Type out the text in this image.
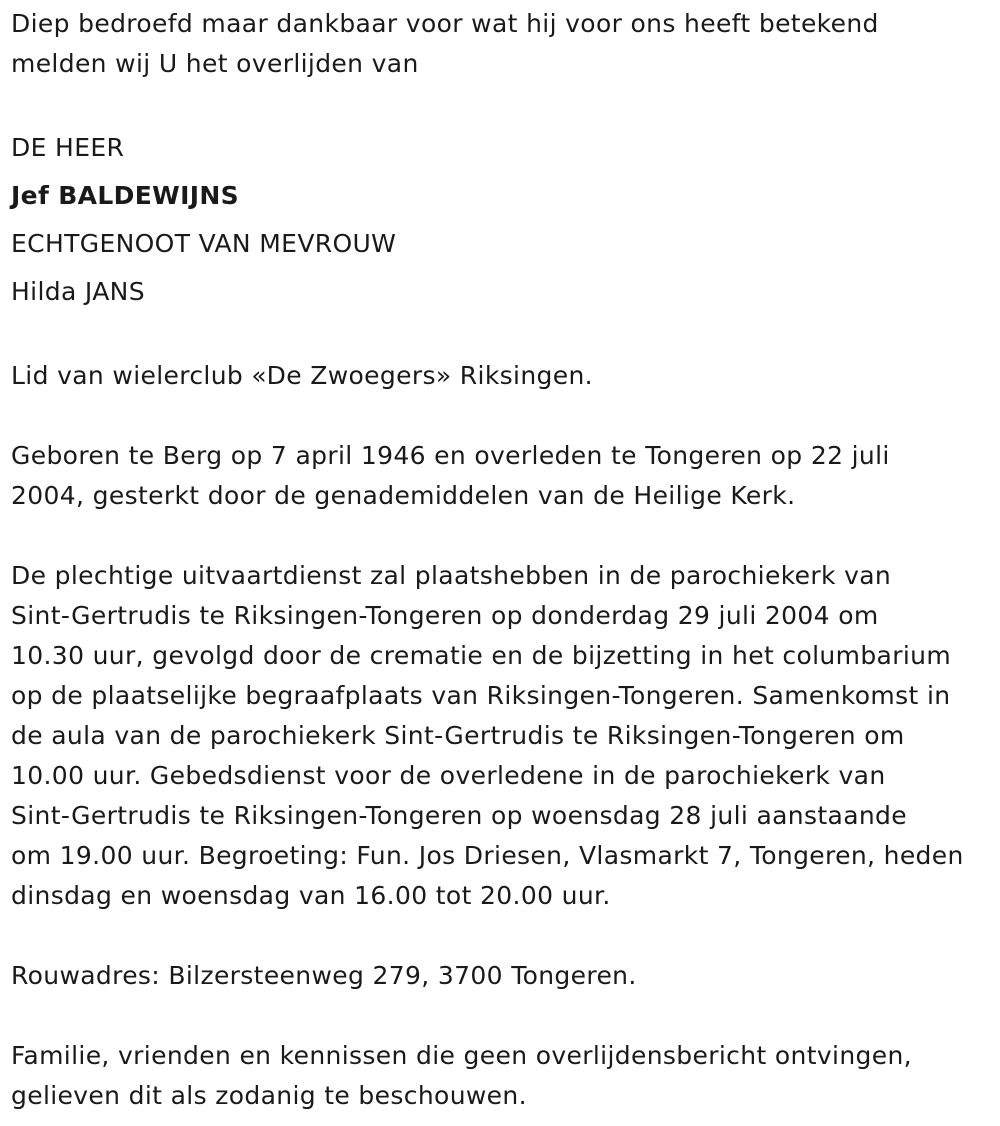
Diep bedroefd maar dankbaar voor wat hij voor ons heeft betekend
melden wij U het overlijden van

DE HEER
Jef BALDEWIJNS
ECHTGENOOT VAN MEVROUW
Hilda JANS

Lid van wielerclub «De Zwoegers» Riksingen.

Geboren te Berg op 7 april 1946 en overleden te Tongeren op 22 juli
2004, gesterkt door de genademiddelen van de Heilige Kerk.

De plechtige uitvaartdienst zal plaatshebben in de parochiekerk van
Sint-Gertrudis te Riksingen-Tongeren op donderdag 29 juli 2004 om
10.30 uur, gevolgd door de crematie en de bijzetting in het columbarium
op de plaatselijke begraafplaats van Riksingen-Tongeren. Samenkomst in
de aula van de parochiekerk Sint-Gertrudis te Riksingen-Tongeren om
10.00 uur. Gebedsdienst voor de overledene in de parochiekerk van
Sint-Gertrudis te Riksingen-Tongeren op woensdag 28 juli aanstaande
om 19.00 uur. Begroeting: Fun. Jos Driesen, Vlasmarkt 7, Tongeren, heden
dinsdag en woensdag van 16.00 tot 20.00 uur.

Rouwadres: Bilzersteenweg 279, 3700 Tongeren.

Familie, vrienden en kennissen die geen overlijdensbericht ontvingen,
gelieven dit als zodanig te beschouwen.
